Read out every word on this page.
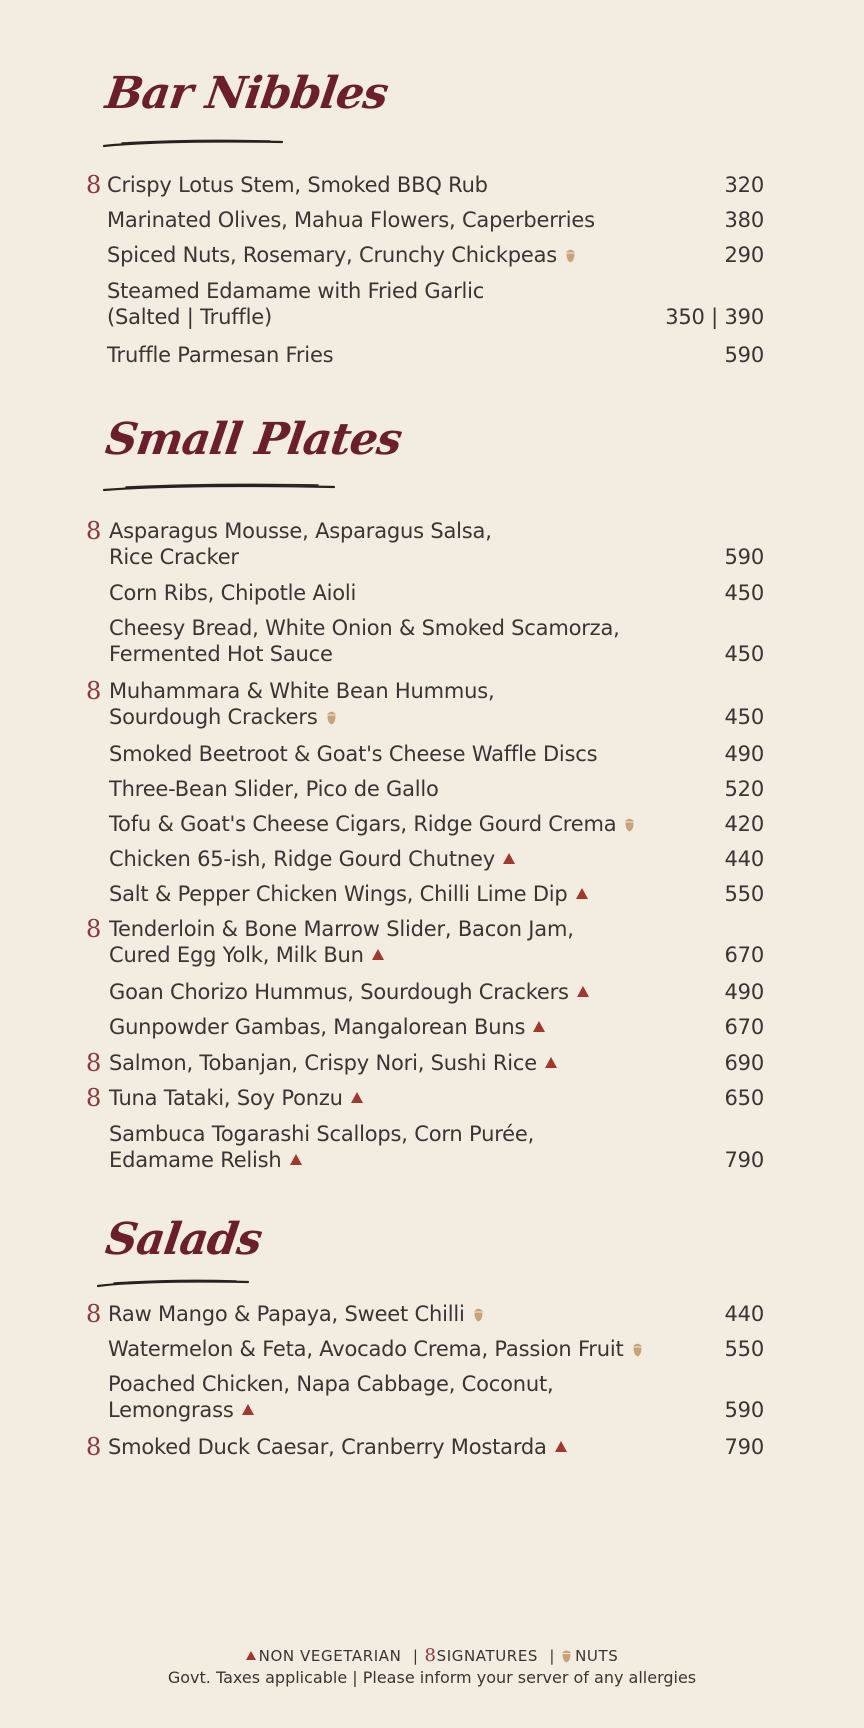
Bar Nibbles
8 Crispy Lotus Stem, Smoked BBQ Rub	320
Marinated Olives, Mahua Flowers, Caperberries	380
Spiced Nuts, Rosemary, Crunchy Chickpeas	290
Steamed Edamame with Fried Garlic
(Salted | Truffle)	350 | 390
Truffle Parmesan Fries	590
Small Plates
8 Asparagus Mousse, Asparagus Salsa,
Rice Cracker	590
Corn Ribs, Chipotle Aioli	450
Cheesy Bread, White Onion & Smoked Scamorza,
Fermented Hot Sauce	450
8 Muhammara & White Bean Hummus,
Sourdough Crackers	450
Smoked Beetroot & Goat's Cheese Waffle Discs	490
Three-Bean Slider, Pico de Gallo	520
Tofu & Goat's Cheese Cigars, Ridge Gourd Crema	420
Chicken 65-ish, Ridge Gourd Chutney	440
Salt & Pepper Chicken Wings, Chilli Lime Dip	550
8 Tenderloin & Bone Marrow Slider, Bacon Jam,
Cured Egg Yolk, Milk Bun	670
Goan Chorizo Hummus, Sourdough Crackers	490
Gunpowder Gambas, Mangalorean Buns	670
8 Salmon, Tobanjan, Crispy Nori, Sushi Rice	690
8 Tuna Tataki, Soy Ponzu	650
Sambuca Togarashi Scallops, Corn Purée,
Edamame Relish	790
Salads
8 Raw Mango & Papaya, Sweet Chilli	440
Watermelon & Feta, Avocado Crema, Passion Fruit	550
Poached Chicken, Napa Cabbage, Coconut,
Lemongrass	590
8 Smoked Duck Caesar, Cranberry Mostarda	790
NON VEGETARIAN | 8SIGNATURES | NUTS
Govt. Taxes applicable | Please inform your server of any allergies
